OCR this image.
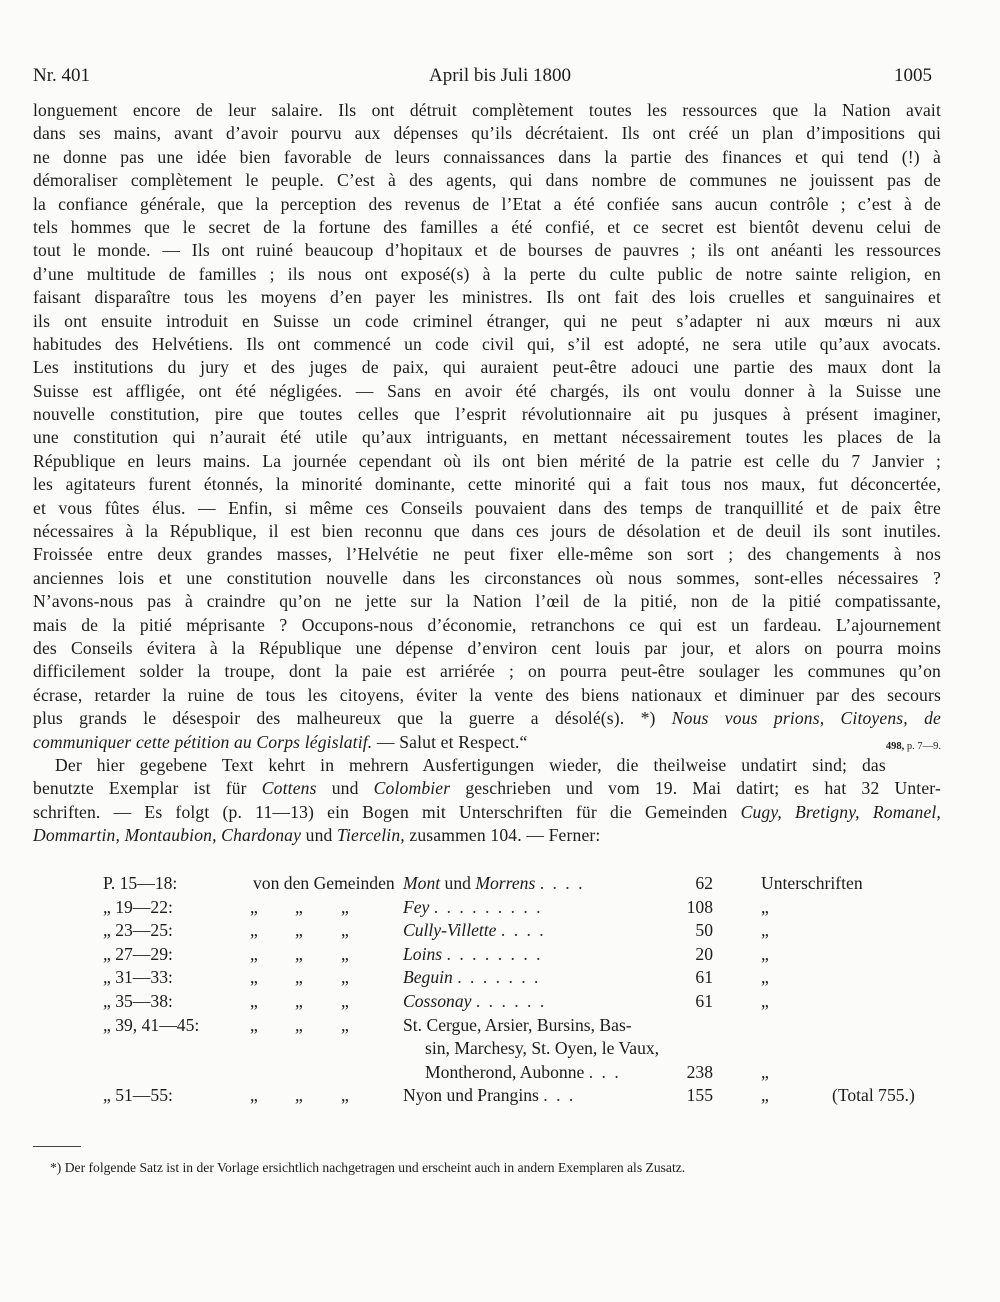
Nr. 401	April bis Juli 1800	1005
longuement encore de leur salaire. Ils ont détruit complètement toutes les ressources que la Nation avait
dans ses mains, avant d’avoir pourvu aux dépenses qu’ils décrétaient. Ils ont créé un plan d’impositions qui
ne donne pas une idée bien favorable de leurs connaissances dans la partie des finances et qui tend (!) à
démoraliser complètement le peuple. C’est à des agents, qui dans nombre de communes ne jouissent pas de
la confiance générale, que la perception des revenus de l’Etat a été confiée sans aucun contrôle ; c’est à de
tels hommes que le secret de la fortune des familles a été confié, et ce secret est bientôt devenu celui de
tout le monde. — Ils ont ruiné beaucoup d’hopitaux et de bourses de pauvres ; ils ont anéanti les ressources
d’une multitude de familles ; ils nous ont exposé(s) à la perte du culte public de notre sainte religion, en
faisant disparaître tous les moyens d’en payer les ministres. Ils ont fait des lois cruelles et sanguinaires et
ils ont ensuite introduit en Suisse un code criminel étranger, qui ne peut s’adapter ni aux mœurs ni aux
habitudes des Helvétiens. Ils ont commencé un code civil qui, s’il est adopté, ne sera utile qu’aux avocats.
Les institutions du jury et des juges de paix, qui auraient peut-être adouci une partie des maux dont la
Suisse est affligée, ont été négligées. — Sans en avoir été chargés, ils ont voulu donner à la Suisse une
nouvelle constitution, pire que toutes celles que l’esprit révolutionnaire ait pu jusques à présent imaginer,
une constitution qui n’aurait été utile qu’aux intriguants, en mettant nécessairement toutes les places de la
République en leurs mains. La journée cependant où ils ont bien mérité de la patrie est celle du 7 Janvier ;
les agitateurs furent étonnés, la minorité dominante, cette minorité qui a fait tous nos maux, fut déconcertée,
et vous fûtes élus. — Enfin, si même ces Conseils pouvaient dans des temps de tranquillité et de paix être
nécessaires à la République, il est bien reconnu que dans ces jours de désolation et de deuil ils sont inutiles.
Froissée entre deux grandes masses, l’Helvétie ne peut fixer elle-même son sort ; des changements à nos
anciennes lois et une constitution nouvelle dans les circonstances où nous sommes, sont-elles nécessaires ?
N’avons-nous pas à craindre qu’on ne jette sur la Nation l’œil de la pitié, non de la pitié compatissante,
mais de la pitié méprisante ? Occupons-nous d’économie, retranchons ce qui est un fardeau. L’ajournement
des Conseils évitera à la République une dépense d’environ cent louis par jour, et alors on pourra moins
difficilement solder la troupe, dont la paie est arriérée ; on pourra peut-être soulager les communes qu’on
écrase, retarder la ruine de tous les citoyens, éviter la vente des biens nationaux et diminuer par des secours
plus grands le désespoir des malheureux que la guerre a désolé(s). *) Nous vous prions, Citoyens, de
communiquer cette pétition au Corps législatif. — Salut et Respect.“	498, p. 7—9.
Der hier gegebene Text kehrt in mehrern Ausfertigungen wieder, die theilweise undatirt sind; das
benutzte Exemplar ist für Cottens und Colombier geschrieben und vom 19. Mai datirt; es hat 32 Unter-
schriften. — Es folgt (p. 11—13) ein Bogen mit Unterschriften für die Gemeinden Cugy, Bretigny, Romanel,
Dommartin, Montaubion, Chardonay und Tiercelin, zusammen 104. — Ferner:
P. 15—18:	von den Gemeinden Mont und Morrens . . . .	62	Unterschriften
„ 19—22:	„ „ „	Fey . . . . . . . . .	108	„
„ 23—25:	„ „ „	Cully-Villette . . . .	50	„
„ 27—29:	„ „ „	Loins . . . . . . . .	20	„
„ 31—33:	„ „ „	Beguin . . . . . . .	61	„
„ 35—38:	„ „ „	Cossonay . . . . . .	61	„
„ 39, 41—45:	„ „ „	St. Cergue, Arsier, Bursins, Bas-
sin, Marchesy, St. Oyen, le Vaux,
Montherond, Aubonne . . .	238	„
„ 51—55:	„ „ „	Nyon und Prangins . . .	155	„	(Total 755.)
*) Der folgende Satz ist in der Vorlage ersichtlich nachgetragen und erscheint auch in andern Exemplaren als Zusatz.
